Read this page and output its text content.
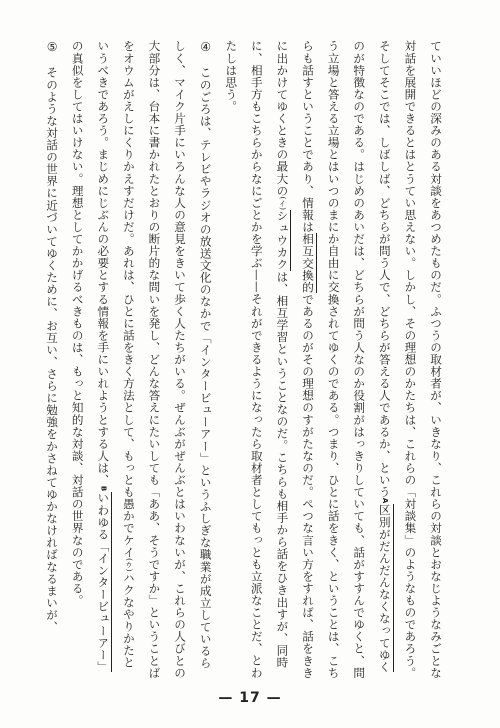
ていいほどの深みのある対談をあつめたものだ。ふつうの取材者が、いきなり、これらの対談とおなじようなみごとな対話を展開できるとはとうてい思えない。しかし、その理想のかたちは、これらの「対談集」のようなものであろう。そしてそこでは、しばしば、どちらが問う人で、どちらが答える人であるか、というA区別がだんだんなくなってゆくのが特徴なのである。はじめのあいだは、どちらが問う人なのか役割がはっきりしていても、話がすすんでゆくと、問う立場と答える立場とはいつのまにか自由に交換されてゆくのである。つまり、ひとに話をきく、ということは、こちらも話すということであり、情報は相互交換的であるのがその理想のすがたなのだ。ぺつな言い方をすれば、話をききに出かけてゆくときの最大の(イ)シュウカクは、相互学習ということなのだ。こちらも相手から話をひき出すが、同時に、相手方もこちらからなにごとかを学ぶ——それができるようになったら取材者としてもっとも立派なことだ、とわたしは思う。

④　このごろは、テレビやラジオの放送文化のなかで「インタービューアー」というふしぎな職業が成立しているらしく、マイク片手にいろんな人の意見をきいて歩く人たちがいる。ぜんぶがぜんぶとはいわないが、これらの人びとの大部分は、台本に書かれたとおりの断片的な問いを発し、どんな答えにたいしても「ああ、そうですか」ということばをオウムがえしにくりかえすだけだ。あれは、ひとに話をきく方法として、もっとも愚かでケイ(ウ)ハクなやりかたというべきであろう。まじめにじぶんの必要とする情報を手にいれようとする人は、Bいわゆる「インタービューアー」の真似をしてはいけない。理想としてかかげるべきものは、もっと知的な対談、対話の世界なのである。

⑤　そのような対話の世界に近づいてゆくために、お互い、さらに勉強をかさねてゆかなければなるまいが、

— 17 —
